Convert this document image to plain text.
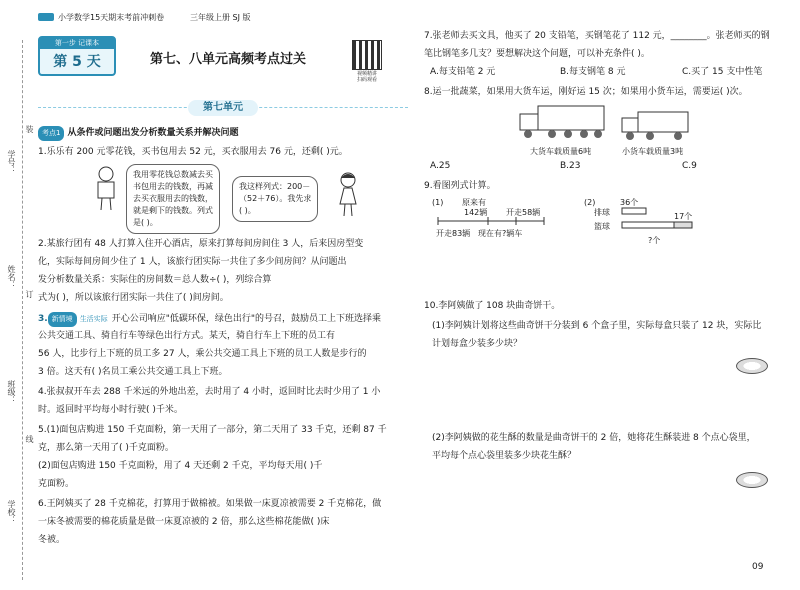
小学数学15天期末考前冲刺卷	三年级上册 SJ 版
学号：
姓名：
班级：
学校：
装
订
线
第一步 记课本
第 5 天	第七、八单元高频考点过关
视频精讲
扫码观看
第七单元
考点1 从条件或问题出发分析数量关系并解决问题
1.乐乐有 200 元零花钱，买书包用去 52 元，买衣服用去 76 元，还剩( )元。
我用零花钱总数减去买
书包用去的钱数，再减
去买衣服用去的钱数，
就是剩下的钱数。列式
是( )。
我这样列式：200－
（52＋76）。我先求
( )。
2.某旅行团有 48 人打算入住开心酒店，原来打算每间房间住 3 人，后来因房型变
化，实际每间房间少住了 1 人，该旅行团实际一共住了多少间房间？从问题出
发分析数量关系：实际住的房间数＝总人数÷( )，列综合算
式为( )，所以该旅行团实际一共住了( )间房间。
3. 新情境 生活实际 开心公司响应"低碳环保，绿色出行"的号召，鼓励员工上下班选择乘
公共交通工具、骑自行车等绿色出行方式。某天，骑自行车上下班的员工有
56 人，比步行上下班的员工多 27 人，乘公共交通工具上下班的员工人数是步行的
3 倍。这天有( )名员工乘公共交通工具上下班。
4.张叔叔开车去 288 千米远的外地出差，去时用了 4 小时，返回时比去时少用了 1 小
时。返回时平均每小时行驶( )千米。
5.(1)面包店购进 150 千克面粉，第一天用了一部分，第二天用了 33 千克，还剩 87 千
克，那么第一天用了( )千克面粉。
(2)面包店购进 150 千克面粉，用了 4 天还剩 2 千克，平均每天用( )千
克面粉。
6.王阿姨买了 28 千克棉花，打算用于做棉被。如果做一床夏凉被需要 2 千克棉花，做
一床冬被需要的棉花质量是做一床夏凉被的 2 倍，那么这些棉花能做( )床
冬被。
7.张老师去买文具，他买了 20 支铅笔，买钢笔花了 112 元，________。张老师买的钢
笔比钢笔多几支？要想解决这个问题，可以补充条件( )。
A.每支铅笔 2 元	B.每支钢笔 8 元	C.买了 15 支中性笔
8.运一批蔬菜，如果用大货车运，刚好运 15 次；如果用小货车运，需要运( )次。
大货车载质量6吨	小货车载质量3吨
A.25	B.23	C.9
9.看图列式计算。
(1) 原来有
142辆 开走58辆
开走83辆 现在有?辆车
(2)	36个
排球	17个
篮球
?个
10.李阿姨做了 108 块曲奇饼干。
(1)李阿姨计划将这些曲奇饼干分装到 6 个盒子里，实际每盒只装了 12 块，实际比
计划每盒少装多少块？
(2)李阿姨做的花生酥的数量是曲奇饼干的 2 倍，她将花生酥装进 8 个点心袋里，
平均每个点心袋里装多少块花生酥？
09
